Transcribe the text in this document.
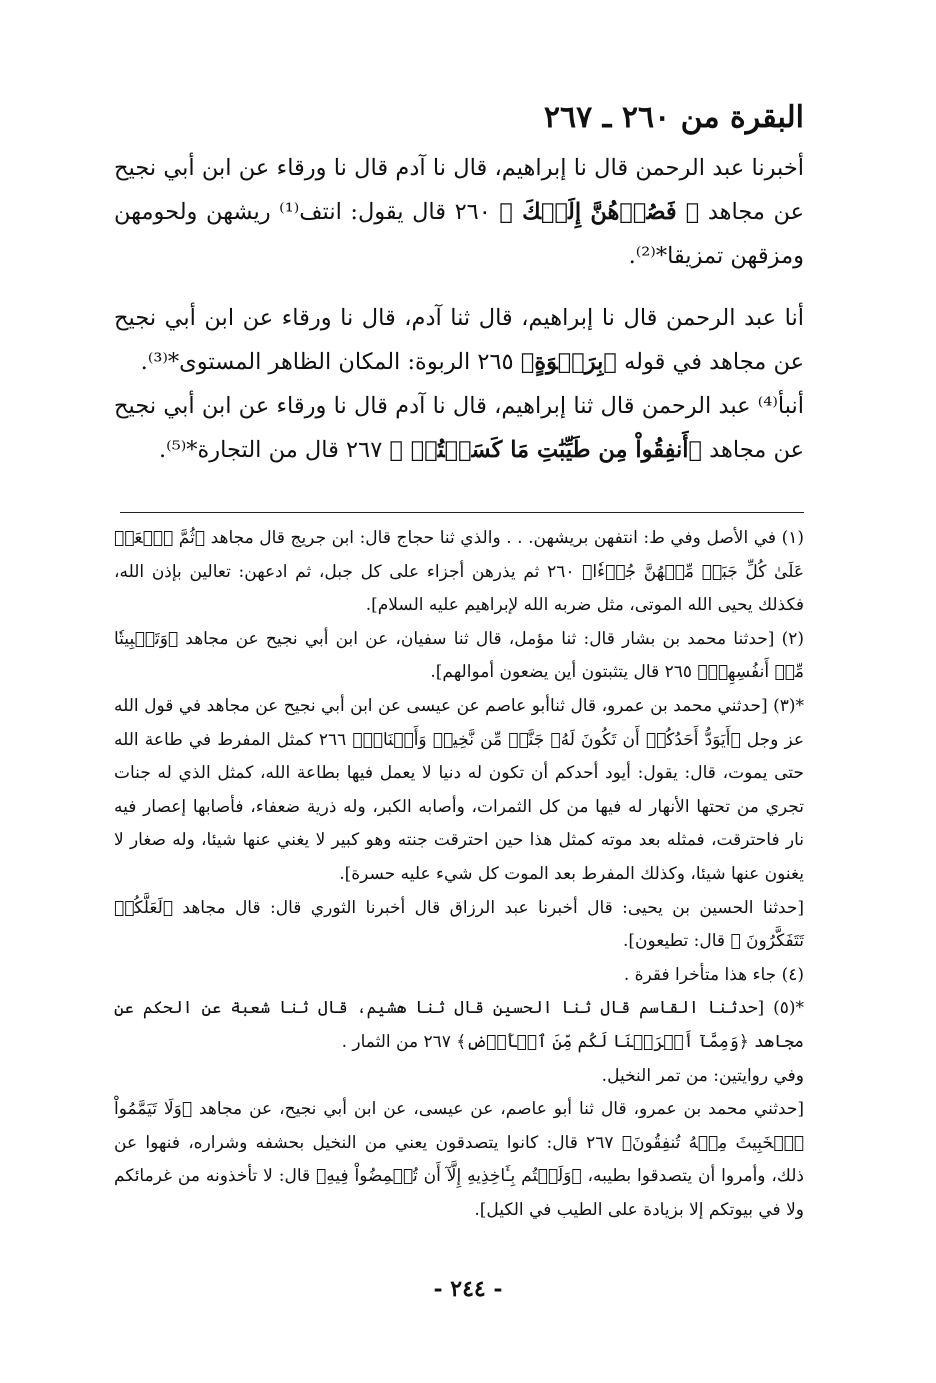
البقرة من ٢٦٠ ـ ٢٦٧

أخبرنا عبد الرحمن قال نا إبراهيم، قال نا آدم قال نا ورقاء عن ابن أبي نجيح عن مجاهد ﴿ فَصُرۡهُنَّ إِلَيۡكَ ﴾ ٢٦٠ قال يقول: انتف⁽¹⁾ ريشهن ولحومهن ومزقهن تمزيقا*⁽²⁾.

أنا عبد الرحمن قال نا إبراهيم، قال ثنا آدم، قال نا ورقاء عن ابن أبي نجيح عن مجاهد في قوله ﴿بِرَبۡوَةٍ﴾ ٢٦٥ الربوة: المكان الظاهر المستوى*⁽³⁾.

أنبأ⁽⁴⁾ عبد الرحمن قال ثنا إبراهيم، قال نا آدم قال نا ورقاء عن ابن أبي نجيح عن مجاهد ﴿أَنفِقُواْ مِن طَيِّبَٰتِ مَا كَسَبۡتُمۡ ﴾ ٢٦٧ قال من التجارة*⁽⁵⁾.

(١) في الأصل وفي ط: انتفهن بريشهن. . . والذي ثنا حجاج قال: ابن جريج قال مجاهد ﴿ثُمَّ ٱجۡعَلۡ عَلَىٰ كُلِّ جَبَلٖ مِّنۡهُنَّ جُزۡءٗا﴾ ٢٦٠ ثم يذرهن أجزاء على كل جبل، ثم ادعهن: تعالين بإذن الله، فكذلك يحيى الله الموتى، مثل ضربه الله لإبراهيم عليه السلام].

(٢) [حدثنا محمد بن بشار قال: ثنا مؤمل، قال ثنا سفيان، عن ابن أبي نجيح عن مجاهد ﴿وَتَثۡبِيتٗا مِّنۡ أَنفُسِهِمۡ﴾ ٢٦٥ قال يتثبتون أين يضعون أموالهم].

*(٣) [حدثني محمد بن عمرو، قال ثناأبو عاصم عن عيسى عن ابن أبي نجيح عن مجاهد في قول الله عز وجل ﴿أَيَوَدُّ أَحَدُكُمۡ أَن تَكُونَ لَهُۥ جَنَّةٞ مِّن نَّخِيلٖ وَأَعۡنَابٖ﴾ ٢٦٦ كمثل المفرط في طاعة الله حتى يموت، قال: يقول: أيود أحدكم أن تكون له دنيا لا يعمل فيها بطاعة الله، كمثل الذي له جنات تجري من تحتها الأنهار له فيها من كل الثمرات، وأصابه الكبر، وله ذرية ضعفاء، فأصابها إعصار فيه نار فاحترقت، فمثله بعد موته كمثل هذا حين احترقت جنته وهو كبير لا يغني عنها شيئا، وله صغار لا يغنون عنها شيئا، وكذلك المفرط بعد الموت كل شيء عليه حسرة].

[حدثنا الحسين بن يحيى: قال أخبرنا عبد الرزاق قال أخبرنا الثوري قال: قال مجاهد ﴿لَعَلَّكُمۡ تَتَفَكَّرُونَ ﴾ قال: تطيعون].

(٤) جاء هذا متأخرا فقرة .

*(٥) [حدثنا القاسم قال ثنا الحسين قال ثنا هشيم، قال ثنا شعبة عن الحكم عن مجاهد ﴿وَمِمَّآ أَخۡرَجۡنَا لَكُم مِّنَ ٱلۡأَرۡضِ﴾ ٢٦٧ من الثمار .

وفي روايتين: من تمر النخيل.

[حدثني محمد بن عمرو، قال ثنا أبو عاصم، عن عيسى، عن ابن أبي نجيح، عن مجاهد ﴿وَلَا تَيَمَّمُواْ ٱلۡخَبِيثَ مِنۡهُ تُنفِقُونَ﴾ ٢٦٧ قال: كانوا يتصدقون يعني من النخيل بحشفه وشراره، فنهوا عن ذلك، وأمروا أن يتصدقوا بطيبه، ﴿وَلَسۡتُم بِـَٔاخِذِيهِ إِلَّآ أَن تُغۡمِضُواْ فِيهِ﴾ قال: لا تأخذونه من غرمائكم ولا في بيوتكم إلا بزيادة على الطيب في الكيل].

- ٢٤٤ -
